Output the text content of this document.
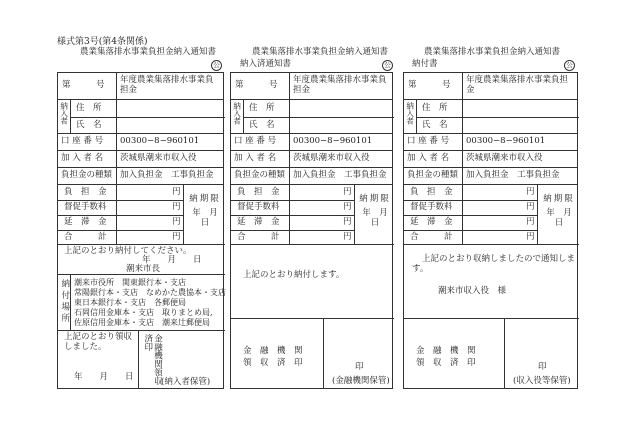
様式第3号(第4条関係)
農業集落排水事業負担金納入通知書
公
第　　　号 年度農業集落排水事業負担金
納入者 住　所
氏　名
口 座 番 号	00300−8−960101
加 入 者 名	茨城県潮来市収入役
負担金の種類 加入負担金　工事負担金
負　担　金	円
督促手数料	円
延　滞　金	円
合　　　計	円
納期限
年　月　日
上記のとおり納付してください。
年　　月　　日
潮来市長
納付場所 潮来市役所　関東銀行本・支店
常陽銀行本・支店　なめかた農協本・支店
東日本銀行本・支店　各郵便局
石岡信用金庫本・支店　取りまとめ局,
佐原信用金庫本・支店　潮来辻郵便局
上記のとおり領収しました。
年　　月　　日	金融機関領収済印
(納入者保管)
農業集落排水事業負担金納入通知書
納入済通知書	公
第　　　号	年度農業集落排水事業負担金
納入者 住　所
氏　名
口 座 番 号	00300−8−960101
加 入 者 名	茨城県潮来市収入役
負担金の種類 加入負担金　工事負担金
負　担　金	円
督促手数料	円
延　滞　金	円
合　　　計	円
納期限
年　月　日
上記のとおり納付します。
金　融　機　関
領　収　済　印	印
(金融機関保管)
農業集落排水事業負担金納入通知書
納付書	公
第　　　号	年度農業集落排水事業負担金
納入者 住　所
氏　名
口 座 番 号	00300−8−960101
加 入 者 名	茨城県潮来市収入役
負担金の種類 加入負担金　工事負担金
負　担　金	円
督促手数料	円
延　滞　金	円
合　　　計	円
納期限
年　月　日
上記のとおり収納しましたので通知します。
潮来市収入役　様
金　融　機　関
領　収　済　印	印
(収入役等保管)
